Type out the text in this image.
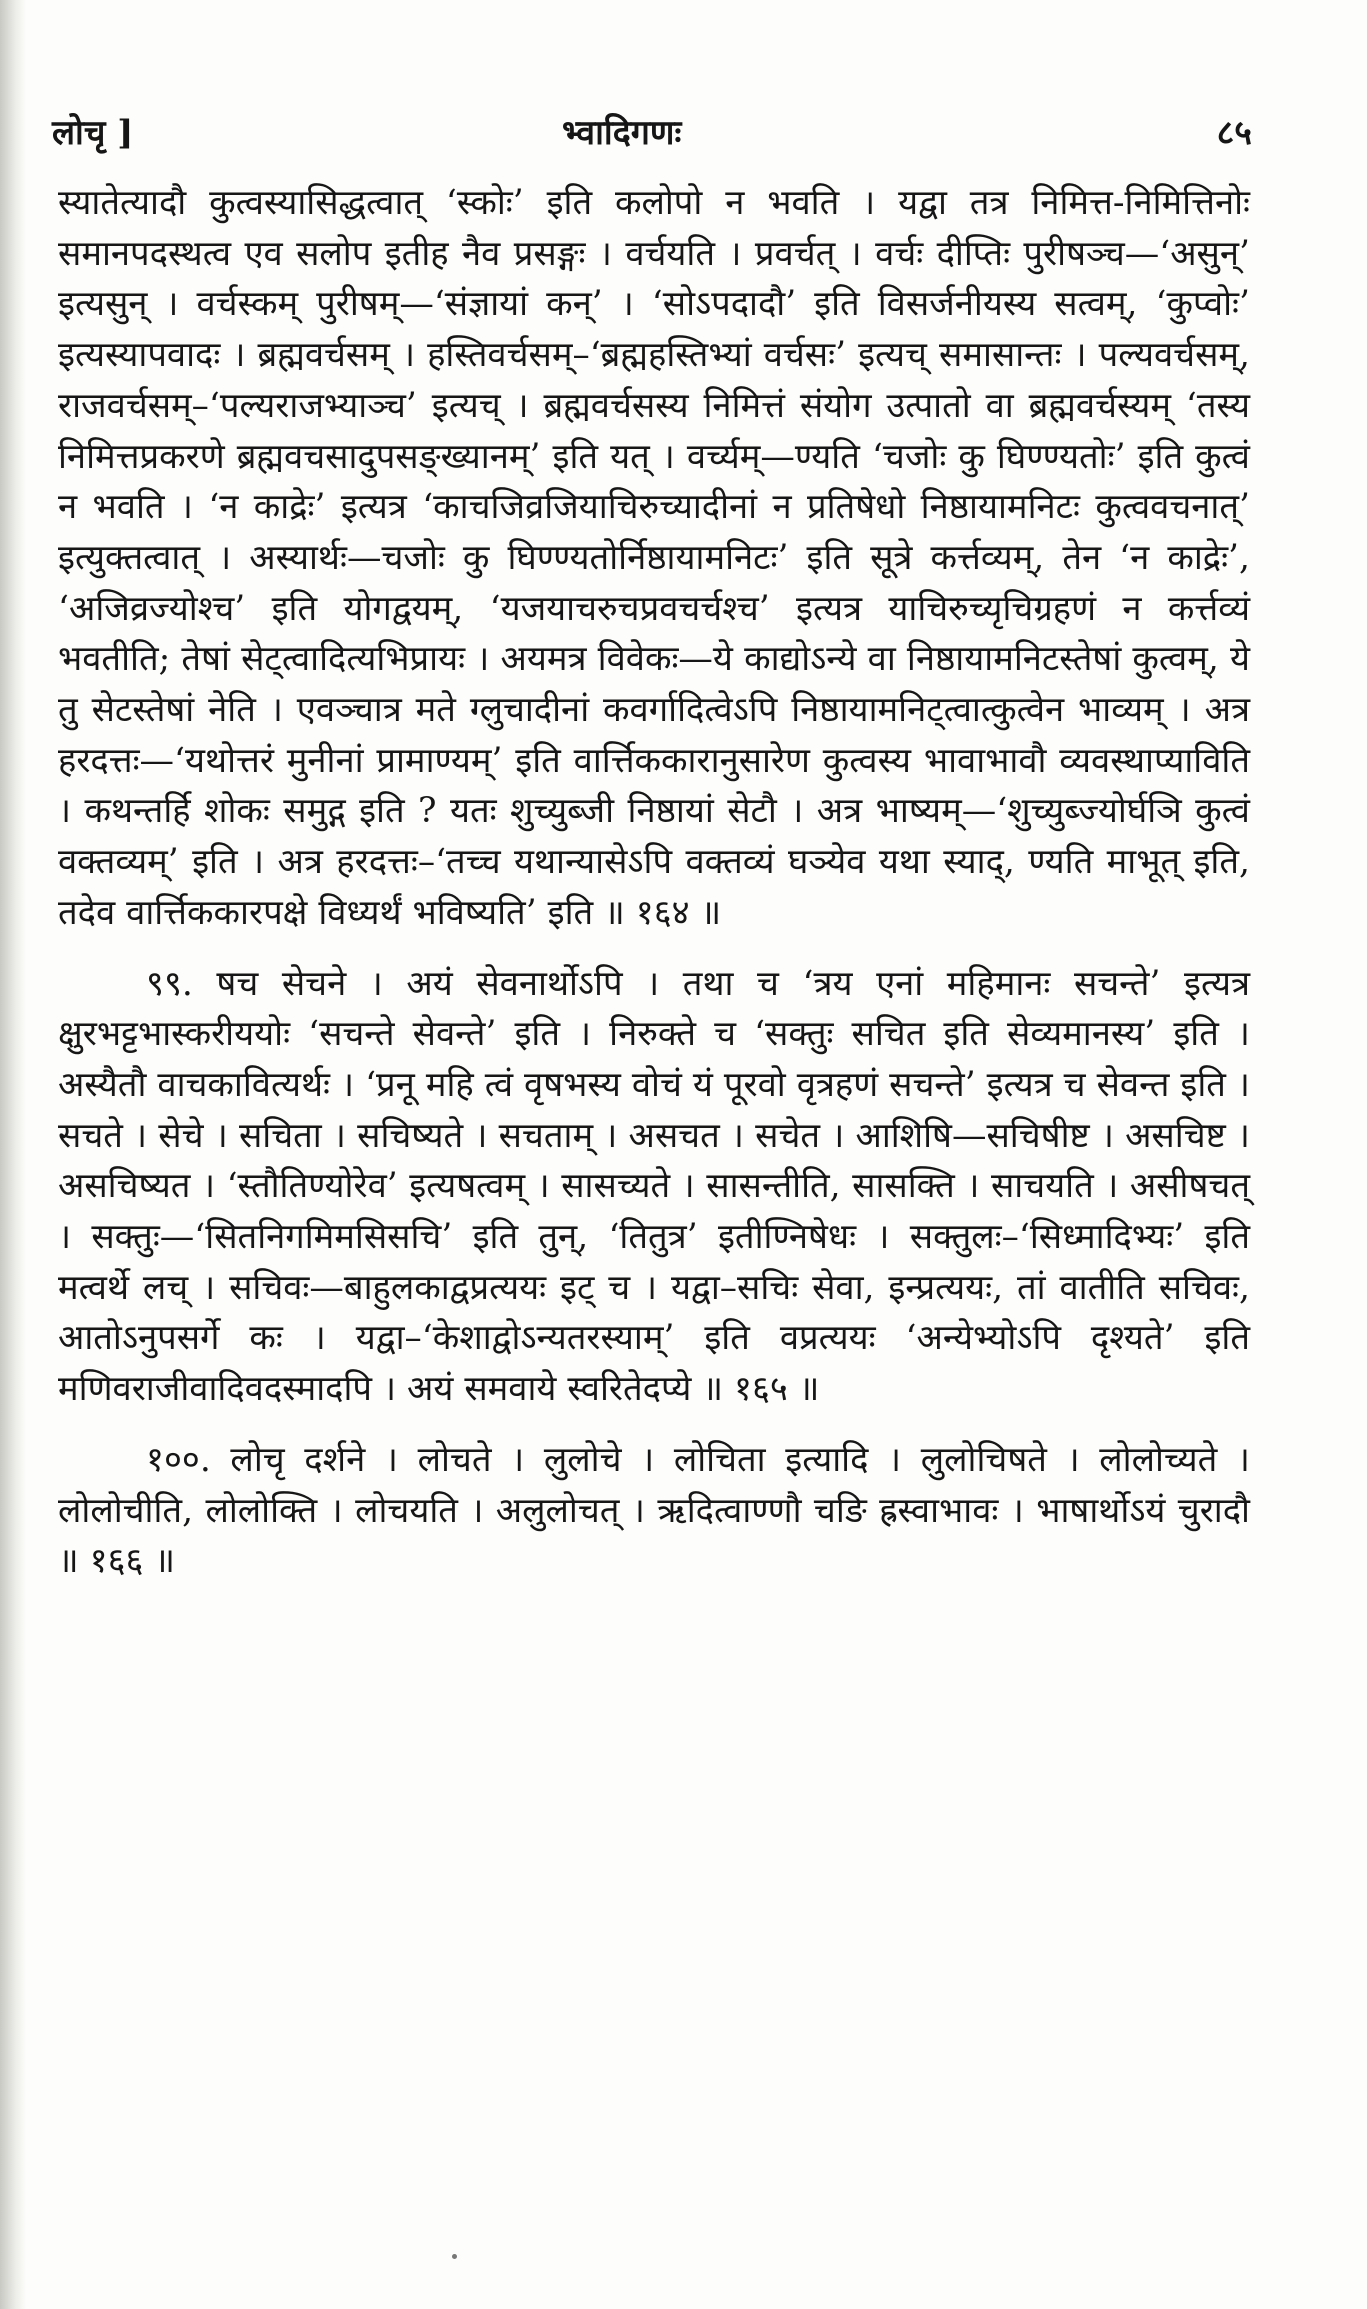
लोचृ ]	भ्वादिगणः	८५

स्यातेत्यादौ कुत्वस्यासिद्धत्वात् ‘स्कोः’ इति कलोपो न भवति । यद्वा तत्र निमित्त-निमित्तिनोः समानपदस्थत्व एव सलोप इतीह नैव प्रसङ्गः । वर्चयति । प्रवर्चत् । वर्चः दीप्तिः पुरीषञ्च—‘असुन्’ इत्यसुन् । वर्चस्कम् पुरीषम्—‘संज्ञायां कन्’ । ‘सोऽपदादौ’ इति विसर्जनीयस्य सत्वम्, ‘कुप्वोः’ इत्यस्यापवादः । ब्रह्मवर्चसम् । हस्तिवर्चसम्–‘ब्रह्महस्तिभ्यां वर्चसः’ इत्यच् समासान्तः । पल्यवर्चसम्, राजवर्चसम्–‘पल्यराजभ्याञ्च’ इत्यच् । ब्रह्मवर्चसस्य निमित्तं संयोग उत्पातो वा ब्रह्मवर्चस्यम् ‘तस्य निमित्तप्रकरणे ब्रह्मवचसादुपसङ्ख्यानम्’ इति यत् । वर्च्यम्—ण्यति ‘चजोः कु घिण्ण्यतोः’ इति कुत्वं न भवति । ‘न काद्रेः’ इत्यत्र ‘काचजिव्रजियाचिरुच्यादीनां न प्रतिषेधो निष्ठायामनिटः कुत्ववचनात्’ इत्युक्तत्वात् । अस्यार्थः—चजोः कु घिण्ण्यतोर्निष्ठायामनिटः’ इति सूत्रे कर्त्तव्यम्, तेन ‘न काद्रेः’, ‘अजिव्रज्योश्च’ इति योगद्वयम्, ‘यजयाचरुचप्रवचर्चश्च’ इत्यत्र याचिरुच्यृचिग्रहणं न कर्त्तव्यं भवतीति; तेषां सेट्त्वादित्यभिप्रायः । अयमत्र विवेकः—ये काद्योऽन्ये वा निष्ठायामनिटस्तेषां कुत्वम्, ये तु सेटस्तेषां नेति । एवञ्चात्र मते ग्लुचादीनां कवर्गादित्वेऽपि निष्ठायामनिट्त्वात्कुत्वेन भाव्यम् । अत्र हरदत्तः—‘यथोत्तरं मुनीनां प्रामाण्यम्’ इति वार्त्तिककारानुसारेण कुत्वस्य भावाभावौ व्यवस्थाप्याविति । कथन्तर्हि शोकः समुद्ग इति ? यतः शुच्युब्जी निष्ठायां सेटौ । अत्र भाष्यम्—‘शुच्युब्ज्योर्घञि कुत्वं वक्तव्यम्’ इति । अत्र हरदत्तः–‘तच्च यथान्यासेऽपि वक्तव्यं घञ्येव यथा स्याद्, ण्यति माभूत् इति, तदेव वार्त्तिककारपक्षे विध्यर्थं भविष्यति’ इति ॥ १६४ ॥

९९. षच सेचने । अयं सेवनार्थोऽपि । तथा च ‘त्रय एनां महिमानः सचन्ते’ इत्यत्र क्षुरभट्टभास्करीययोः ‘सचन्ते सेवन्ते’ इति । निरुक्ते च ‘सक्तुः सचित इति सेव्यमानस्य’ इति । अस्यैतौ वाचकावित्यर्थः । ‘प्रनू महि त्वं वृषभस्य वोचं यं पूरवो वृत्रहणं सचन्ते’ इत्यत्र च सेवन्त इति । सचते । सेचे । सचिता । सचिष्यते । सचताम् । असचत । सचेत । आशिषि—सचिषीष्ट । असचिष्ट । असचिष्यत । ‘स्तौतिण्योरेव’ इत्यषत्वम् । सासच्यते । सासन्तीति, सासक्ति । साचयति । असीषचत् । सक्तुः—‘सितनिगमिमसिसचि’ इति तुन्, ‘तितुत्र’ इतीण्निषेधः । सक्तुलः–‘सिध्मादिभ्यः’ इति मत्वर्थे लच् । सचिवः—बाहुलकाद्वप्रत्ययः इट् च । यद्वा–सचिः सेवा, इन्प्रत्ययः, तां वातीति सचिवः, आतोऽनुपसर्गे कः । यद्वा–‘केशाद्वोऽन्यतरस्याम्’ इति वप्रत्ययः ‘अन्येभ्योऽपि दृश्यते’ इति मणिवराजीवादिवदस्मादपि । अयं समवाये स्वरितेदप्ये ॥ १६५ ॥

१००. लोचृ दर्शने । लोचते । लुलोचे । लोचिता इत्यादि । लुलोचिषते । लोलोच्यते । लोलोचीति, लोलोक्ति । लोचयति । अलुलोचत् । ऋदित्वाण्णौ चङि ह्रस्वाभावः । भाषार्थोऽयं चुरादौ ॥ १६६ ॥
